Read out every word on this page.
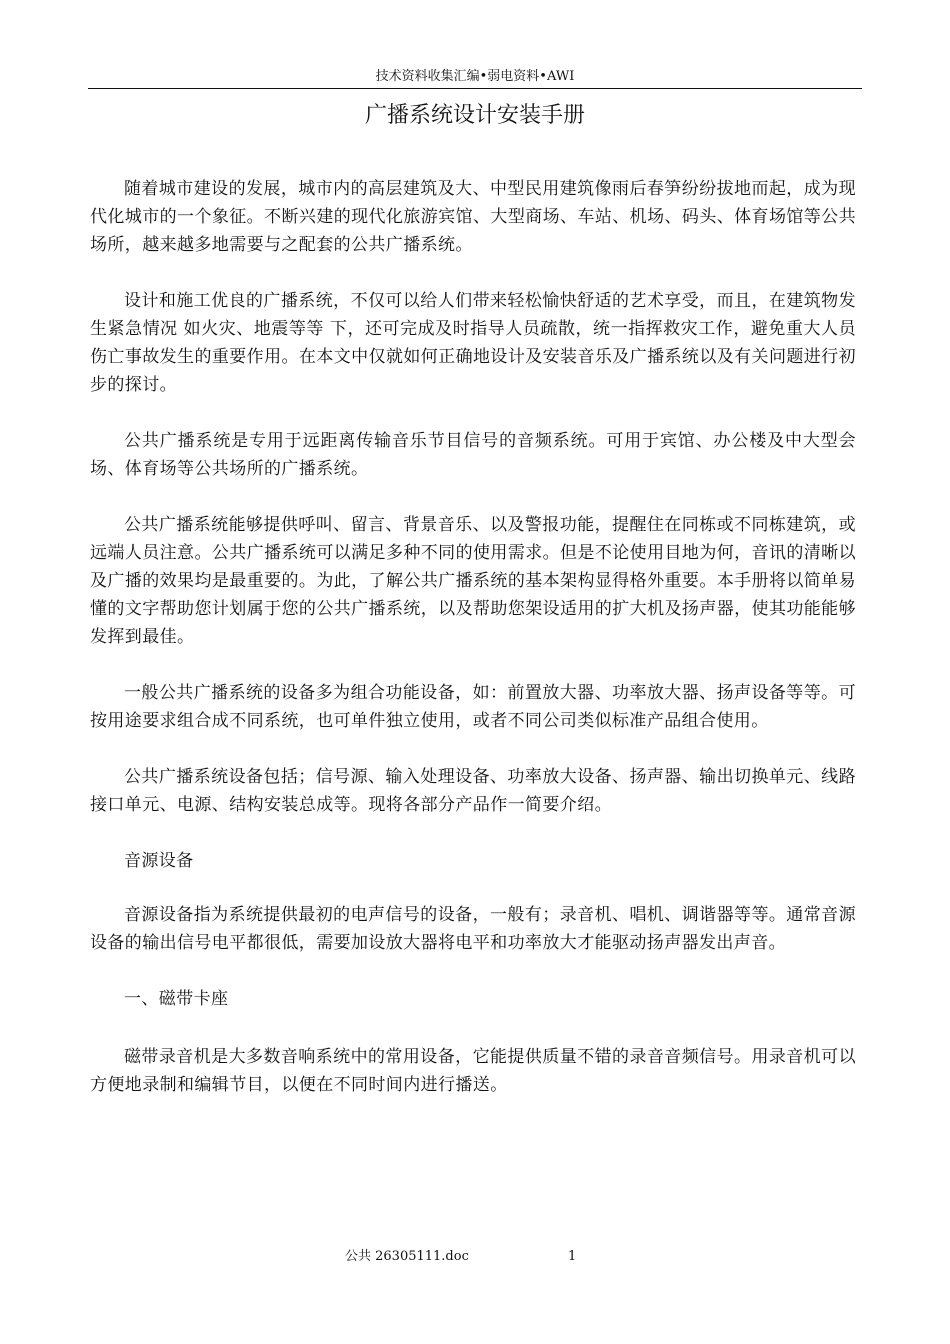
技术资料收集汇编•弱电资料•AWI
广播系统设计安装手册

随着城市建设的发展，城市内的高层建筑及大、中型民用建筑像雨后春笋纷纷拔地而起，成为现代化城市的一个象征。不断兴建的现代化旅游宾馆、大型商场、车站、机场、码头、体育场馆等公共场所，越来越多地需要与之配套的公共广播系统。

设计和施工优良的广播系统，不仅可以给人们带来轻松愉快舒适的艺术享受，而且，在建筑物发生紧急情况 如火灾、地震等等 下，还可完成及时指导人员疏散，统一指挥救灾工作，避免重大人员伤亡事故发生的重要作用。在本文中仅就如何正确地设计及安装音乐及广播系统以及有关问题进行初步的探讨。

公共广播系统是专用于远距离传输音乐节目信号的音频系统。可用于宾馆、办公楼及中大型会场、体育场等公共场所的广播系统。

公共广播系统能够提供呼叫、留言、背景音乐、以及警报功能，提醒住在同栋或不同栋建筑，或远端人员注意。公共广播系统可以满足多种不同的使用需求。但是不论使用目地为何，音讯的清晰以及广播的效果均是最重要的。为此，了解公共广播系统的基本架构显得格外重要。本手册将以简单易懂的文字帮助您计划属于您的公共广播系统，以及帮助您架设适用的扩大机及扬声器，使其功能能够发挥到最佳。

一般公共广播系统的设备多为组合功能设备，如：前置放大器、功率放大器、扬声设备等等。可按用途要求组合成不同系统，也可单件独立使用，或者不同公司类似标准产品组合使用。

公共广播系统设备包括；信号源、输入处理设备、功率放大设备、扬声器、输出切换单元、线路接口单元、电源、结构安装总成等。现将各部分产品作一简要介绍。

音源设备

音源设备指为系统提供最初的电声信号的设备，一般有；录音机、唱机、调谐器等等。通常音源设备的输出信号电平都很低，需要加设放大器将电平和功率放大才能驱动扬声器发出声音。

一、磁带卡座

磁带录音机是大多数音响系统中的常用设备，它能提供质量不错的录音音频信号。用录音机可以方便地录制和编辑节目，以便在不同时间内进行播送。

公共 26305111.doc	1
